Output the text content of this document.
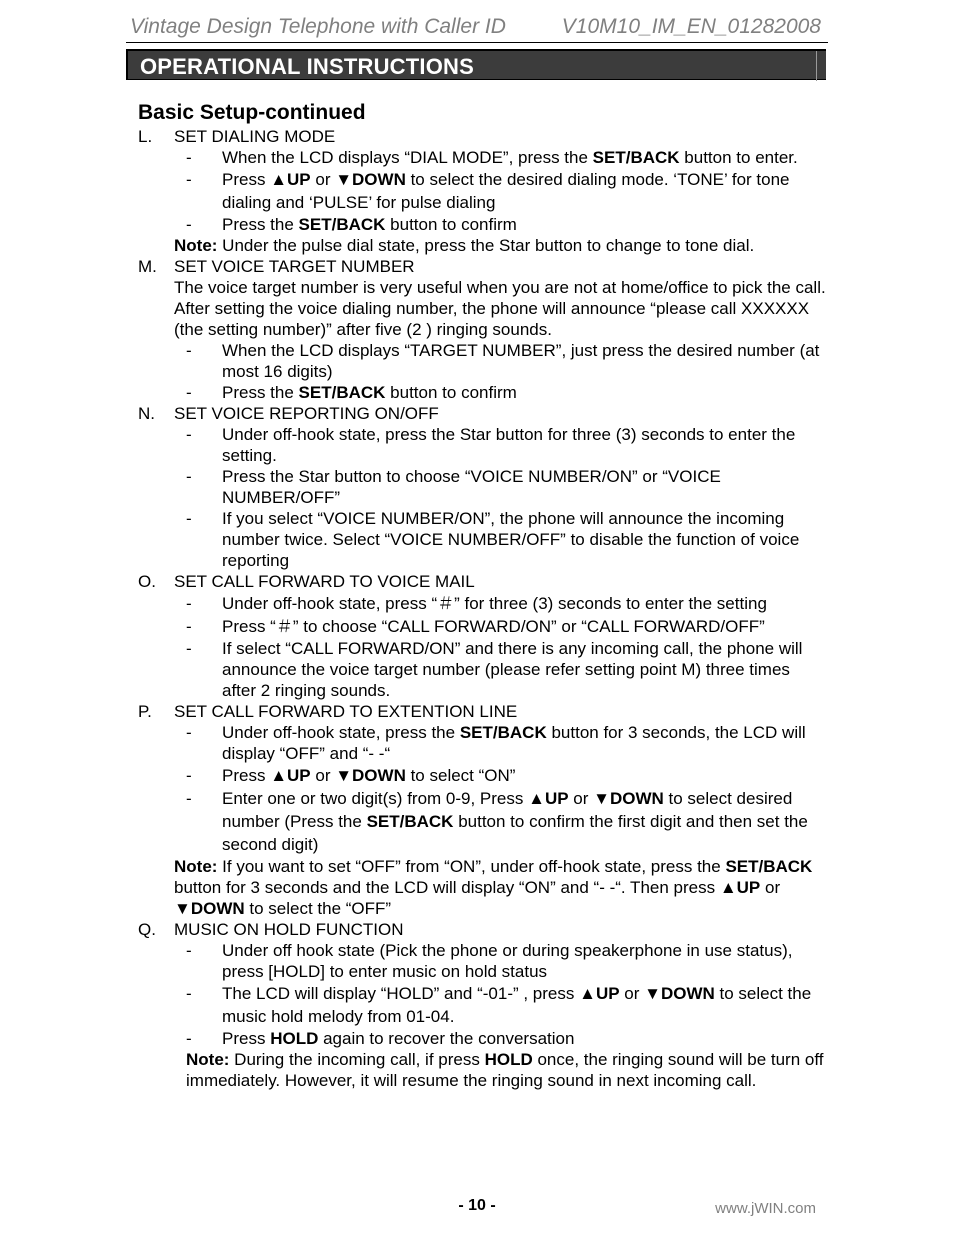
Vintage Design Telephone with Caller ID	V10M10_IM_EN_01282008
OPERATIONAL INSTRUCTIONS
Basic Setup-continued
L.	SET DIALING MODE
-	When the LCD displays “DIAL MODE”, press the SET/BACK button to enter.
-	Press ▲UP or ▼DOWN to select the desired dialing mode. ‘TONE’ for tone dialing and ‘PULSE’ for pulse dialing
-	Press the SET/BACK button to confirm
Note: Under the pulse dial state, press the Star button to change to tone dial.
M.	SET VOICE TARGET NUMBER
The voice target number is very useful when you are not at home/office to pick the call. After setting the voice dialing number, the phone will announce “please call XXXXXX (the setting number)” after five (2 ) ringing sounds.
-	When the LCD displays “TARGET NUMBER”, just press the desired number (at most 16 digits)
-	Press the SET/BACK button to confirm
N.	SET VOICE REPORTING ON/OFF
-	Under off-hook state, press the Star button for three (3) seconds to enter the setting.
-	Press the Star button to choose “VOICE NUMBER/ON” or “VOICE NUMBER/OFF”
-	If you select “VOICE NUMBER/ON”, the phone will announce the incoming number twice. Select “VOICE NUMBER/OFF” to disable the function of voice reporting
O.	SET CALL FORWARD TO VOICE MAIL
-	Under off-hook state, press “＃” for three (3) seconds to enter the setting
-	Press “＃” to choose “CALL FORWARD/ON” or “CALL FORWARD/OFF”
-	If select “CALL FORWARD/ON” and there is any incoming call, the phone will announce the voice target number (please refer setting point M) three times after 2 ringing sounds.
P.	SET CALL FORWARD TO EXTENTION LINE
-	Under off-hook state, press the SET/BACK button for 3 seconds, the LCD will display “OFF” and “- -“
-	Press ▲UP or ▼DOWN to select “ON”
-	Enter one or two digit(s) from 0-9, Press ▲UP or ▼DOWN to select desired number (Press the SET/BACK button to confirm the first digit and then set the second digit)
Note: If you want to set “OFF” from “ON”, under off-hook state, press the SET/BACK button for 3 seconds and the LCD will display “ON” and “- -“. Then press ▲UP or ▼DOWN to select the “OFF”
Q.	MUSIC ON HOLD FUNCTION
-	Under off hook state (Pick the phone or during speakerphone in use status), press [HOLD] to enter music on hold status
-	The LCD will display “HOLD” and “-01-” , press ▲UP or ▼DOWN to select the music hold melody from 01-04.
-	Press HOLD again to recover the conversation
Note: During the incoming call, if press HOLD once, the ringing sound will be turn off immediately. However, it will resume the ringing sound in next incoming call.
- 10 -	www.jWIN.com
